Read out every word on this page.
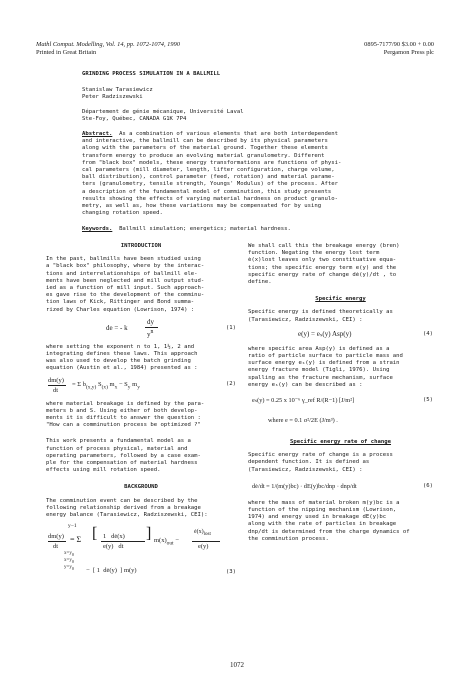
Mathl Comput. Modelling, Vol. 14, pp. 1072-1074, 1990
Printed in Great Britain
0895-7177/90 $3.00 + 0.00
Pergamon Press plc
GRINDING PROCESS SIMULATION IN A BALLMILL
Stanislaw Tarasiewicz
Peter Radziszewski
Département de génie mécanique, Université Laval
Ste-Foy, Québec, CANADA G1K 7P4

Abstract. As a combination of various elements that are both interdependent

and interactive, the ballmill can be described by its physical parameters

along with the parameters of the material ground. Together these elements

transform energy to produce an evolving material granulometry. Different

from "black box" models, these energy transformations are functions of physi-

cal parameters (mill diameter, length, lifter configuration, charge volume,

ball distribution), control parameter (feed, rotation) and material parame-

ters (granulometry, tensile strength, Youngs' Modulus) of the process. After

a description of the fundamental model of comminution, this study presents

results showing the effects of varying material hardness on product granulo-

metry, as well as, how these variations may be compensated for by using

changing rotation speed.

Keywords. Ballmill simulation; energetics; material hardness.
INTRODUCTION

In the past, ballmills have been studied using

a "black box" philosophy, where by the interac-

tions and interrelationships of ballmill ele-

ments have been neglected and mill output stud-

ied as a function of mill input. Such approach-

es gave rise to the development of the comminu-

tion laws of Kick, Rittinger and Bond summa-

rized by Charles equation (Lowrison, 1974) :

de = - k
dy
$y^n$
(1)

where setting the exponent n to 1, 1½, 2 and

integrating defines these laws. This approach

was also used to develop the batch grinding

equation (Austin et al., 1984) presented as :

dm(y)
dt
= Σ $b_{(x,y)}$ $S_{(x)}$ $m_x - S_y$ $m_y$
(2)

where material breakage is defined by the para-

meters b and S. Using either of both develop-

ments it is difficult to answer the question :

"How can a comminution process be optimized ?"

This work presents a fundamental model as a

function of process physical, material and

operating parameters, followed by a case exam-

ple for the compensation of material hardness

effects using mill rotation speed.

BACKGROUND

The comminution event can be described by the

following relationship derived from a breakage

energy balance (Tarasiewicz, Radziszewski, CEI):

y−1
dm(y)
dt
= Σ
$x=y_0$
$x=y_0$
$y=y_0$
[ 1   dė(x)
e(y)   dt
] $m(x)_{out}$ −
$ė(x)_{lost}$
e(y)
−  [ 1  dė(y)  ] m(y)	(3)

We shall call this the breakage energy (bren)

function. Negating the energy lost term

ė(x)lost leaves only two constituative equa-

tions; the specific energy term e(y) and the

specific energy rate of change dė(y)/dt , to

define.

Specific energy

Specific energy is defined theoretically as

(Tarasiewicz, Radziszewski, CEI) :

e(y) = eₛ(y) Asp(y)	(4)

where specific area Asp(y) is defined as a

ratio of particle surface to particle mass and

surface energy eₛ(y) is defined from a strain

energy fracture model (Tigli, 1976). Using

spalling as the fracture mechanism, surface

energy eₛ(y) can be described as :

eₛ(y) = 0.25 x 10⁻⁶ γ_ref R/(R−1) [J/m²]	(5)
where e = 0.1 σ²/2E (J/m³) .
Specific energy rate of change

Specific energy rate of change is a process

dependent function. It is defined as

(Tarasiewicz, Radziszewski, CEI) :

dė/dt = 1/(m(y)bc) · dE(y)bc/dnp · dnp/dt	(6)

where the mass of material broken m(y)bc is a

function of the nipping mechanism (Lowrison,

1974) and energy used in breakage dE(y)bc

along with the rate of particles in breakage

dnp/dt is determined from the charge dynamics of

the comminution process.

1072
